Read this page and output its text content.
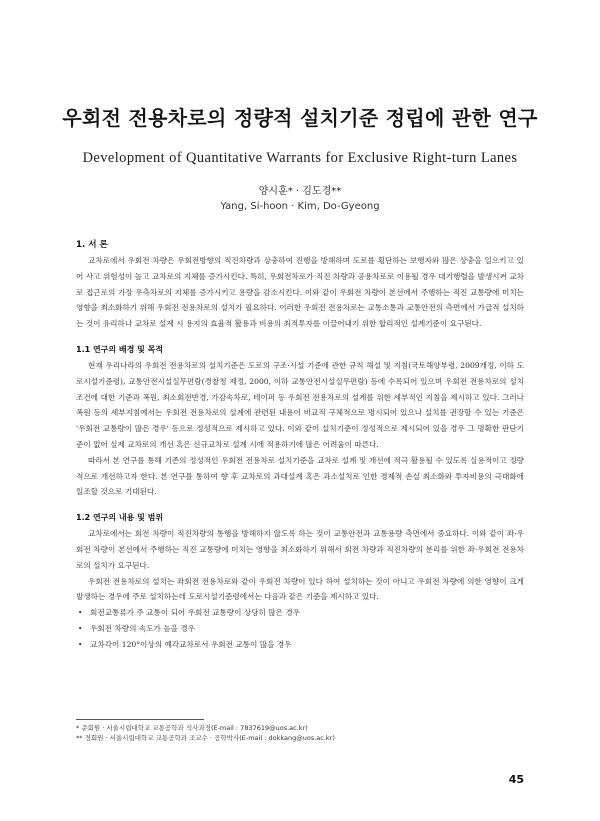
우회전 전용차로의 정량적 설치기준 정립에 관한 연구
Development of Quantitative Warrants for Exclusive Right-turn Lanes
양시훈* · 김도경**
Yang, Si-hoon · Kim, Do-Gyeong
1. 서 론

교차로에서 우회전 차량은 우회전방향의 직진차량과 상충하여 진행을 방해하며 도로를 횡단하는 보행자와 많은 상충을 일으키고 있어 사고 위험성이 높고 교차로의 지체를 증가시킨다. 특히, 우회전차로가 직진 차량과 공용차로로 이용될 경우 대기행렬을 발생시켜 교차로 접근로의 가장 우측차로의 지체를 증가시키고 용량을 감소시킨다. 이와 같이 우회전 차량이 본선에서 주행하는 직진 교통량에 미치는 영향을 최소화하기 위해 우회전 전용차로의 설치가 필요하다. 이러한 우회전 전용차로는 교통소통과 교통안전의 측면에서 가급적 설치하는 것이 유리하나 교차로 설계 시 용지의 효율적 활용과 비용의 최적투자를 이끌어내기 위한 합리적인 설계기준이 요구된다.

1.1 연구의 배경 및 목적

현재 우리나라의 우회전 전용차로의 설치기준은 도로의 구조·시설 기준에 관한 규칙 해설 및 지침(국토해양부령, 2009개정, 이하 도로시설기준령), 교통안전시설실무편람(경찰청 제정, 2000, 이하 교통안전시설실무편람) 등에 수록되어 있으며 우회전 전용차로의 설치조건에 대한 기준과 폭원, 최소회전반경, 가감속차로, 테이퍼 등 우회전 전용차로의 설계를 위한 세부적인 지침을 제시하고 있다. 그러나 폭원 등의 세부지침에서는 우회전 전용차로의 설계에 관련된 내용이 비교적 구체적으로 명시되어 있으나 설치를 권장할 수 있는 기준은 '우회전 교통량이 많은 경우' 등으로 정성적으로 제시하고 있다. 이와 같이 설치기준이 정성적으로 제시되어 있을 경우 그 명확한 판단기준이 없어 실제 교차로의 개선 혹은 신규교차로 설계 시에 적용하기에 많은 어려움이 따른다.

따라서 본 연구를 통해 기존의 정성적인 우회전 전용차로 설치기준을 교차로 설계 및 개선에 적극 활용될 수 있도록 실용적이고 정량적으로 개선하고자 한다. 본 연구를 통하여 향 후 교차로의 과대설계 혹은 과소설치로 인한 경제적 손실 최소화와 투자비용의 극대화에 일조할 것으로 기대된다.

1.2 연구의 내용 및 범위

교차로에서는 회전 차량이 직진차량의 통행을 방해하지 않도록 하는 것이 교통안전과 교통용량 측면에서 중요하다. 이와 같이 좌·우회전 차량이 본선에서 주행하는 직진 교통량에 미치는 영향을 최소화하기 위해서 회전 차량과 직진차량의 분리를 위한 좌·우회전 전용차로의 설치가 요구된다.

우회전 전용차로의 설치는 좌회전 전용차로와 같이 우회전 차량이 있다 하여 설치하는 것이 아니고 우회전 차량에 의한 영향이 크게 발생하는 경우에 주로 설치하는데 도로시설기준령에서는 다음과 같은 기준을 제시하고 있다.

• 회전교통류가 주 교통이 되어 우회전 교통량이 상당히 많은 경우
• 우회전 차량의 속도가 높을 경우
• 교차각이 120°이상의 예각교차로서 우회전 교통이 많을 경우
* 준회원 · 서울시립대학교 교통공학과 석사과정(E-mail : 7837619@uos.ac.kr)
** 정회원 · 서울시립대학교 교통공학과 조교수 · 공학박사(E-mail : dokkang@uos.ac.kr)
45
